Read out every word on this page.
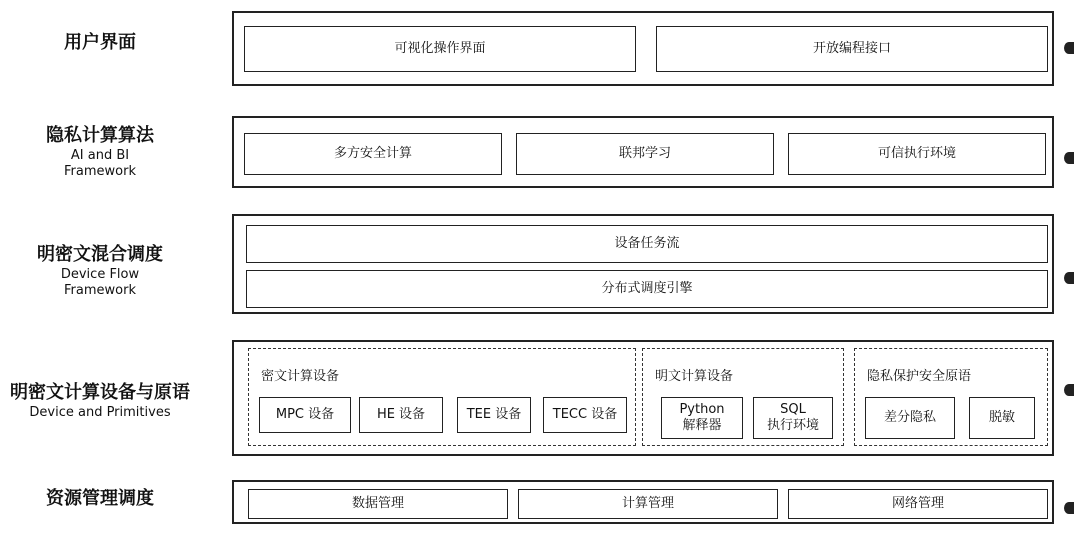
用户界面	可视化操作界面	开放编程接口
隐私计算算法
AI and BI
Framework
多方安全计算	联邦学习	可信执行环境
明密文混合调度
Device Flow
Framework
设备任务流
分布式调度引擎
明密文计算设备与原语
Device and Primitives
密文计算设备
MPC 设备	HE 设备	TEE 设备	TECC 设备
明文计算设备
Python
解释器
SQL
执行环境
隐私保护安全原语
差分隐私	脱敏
资源管理调度	数据管理	计算管理	网络管理
